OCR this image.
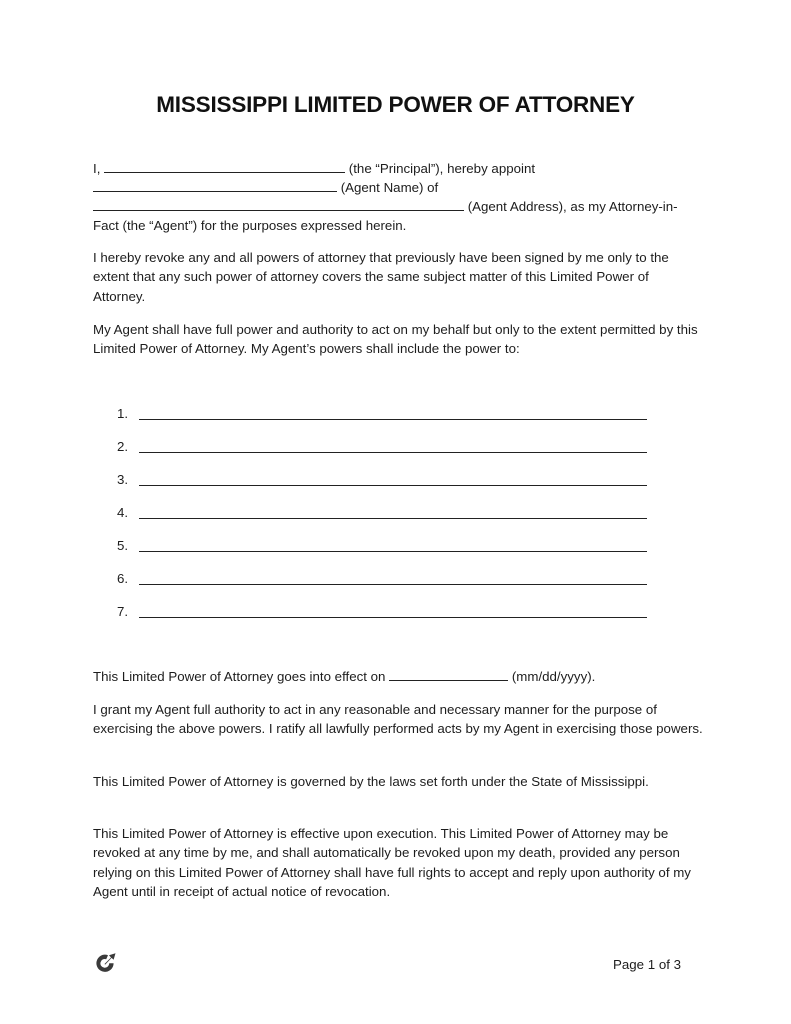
MISSISSIPPI LIMITED POWER OF ATTORNEY
I,	(the “Principal”), hereby appoint
(Agent Name) of
(Agent Address), as my Attorney-in-
Fact (the “Agent”) for the purposes expressed herein.
I hereby revoke any and all powers of attorney that previously have been signed by me only to the extent that any such power of attorney covers the same subject matter of this Limited Power of Attorney.
My Agent shall have full power and authority to act on my behalf but only to the extent permitted by this Limited Power of Attorney. My Agent’s powers shall include the power to:
1.
2.
3.
4.
5.
6.
7.
This Limited Power of Attorney goes into effect on	(mm/dd/yyyy).
I grant my Agent full authority to act in any reasonable and necessary manner for the purpose of exercising the above powers. I ratify all lawfully performed acts by my Agent in exercising those powers.
This Limited Power of Attorney is governed by the laws set forth under the State of Mississippi.
This Limited Power of Attorney is effective upon execution. This Limited Power of Attorney may be revoked at any time by me, and shall automatically be revoked upon my death, provided any person relying on this Limited Power of Attorney shall have full rights to accept and reply upon authority of my Agent until in receipt of actual notice of revocation.
Page 1 of 3
